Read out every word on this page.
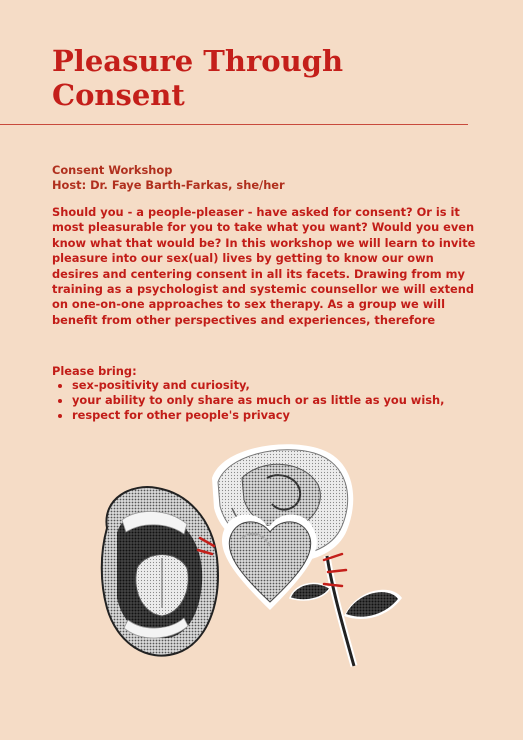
Pleasure Through Consent
Consent Workshop
Host: Dr. Faye Barth-Farkas, she/her

Should you - a people-pleaser - have asked for consent? Or is it most pleasurable for you to take what you want? Would you even know what that would be? In this workshop we will learn to invite pleasure into our sex(ual) lives by getting to know our own desires and centering consent in all its facets. Drawing from my training as a psychologist and systemic counsellor we will extend on one-on-one approaches to sex therapy. As a group we will benefit from other perspectives and experiences, therefore

Please bring:
• sex-positivity and curiosity,
• your ability to only share as much or as little as you wish,
• respect for other people's privacy
